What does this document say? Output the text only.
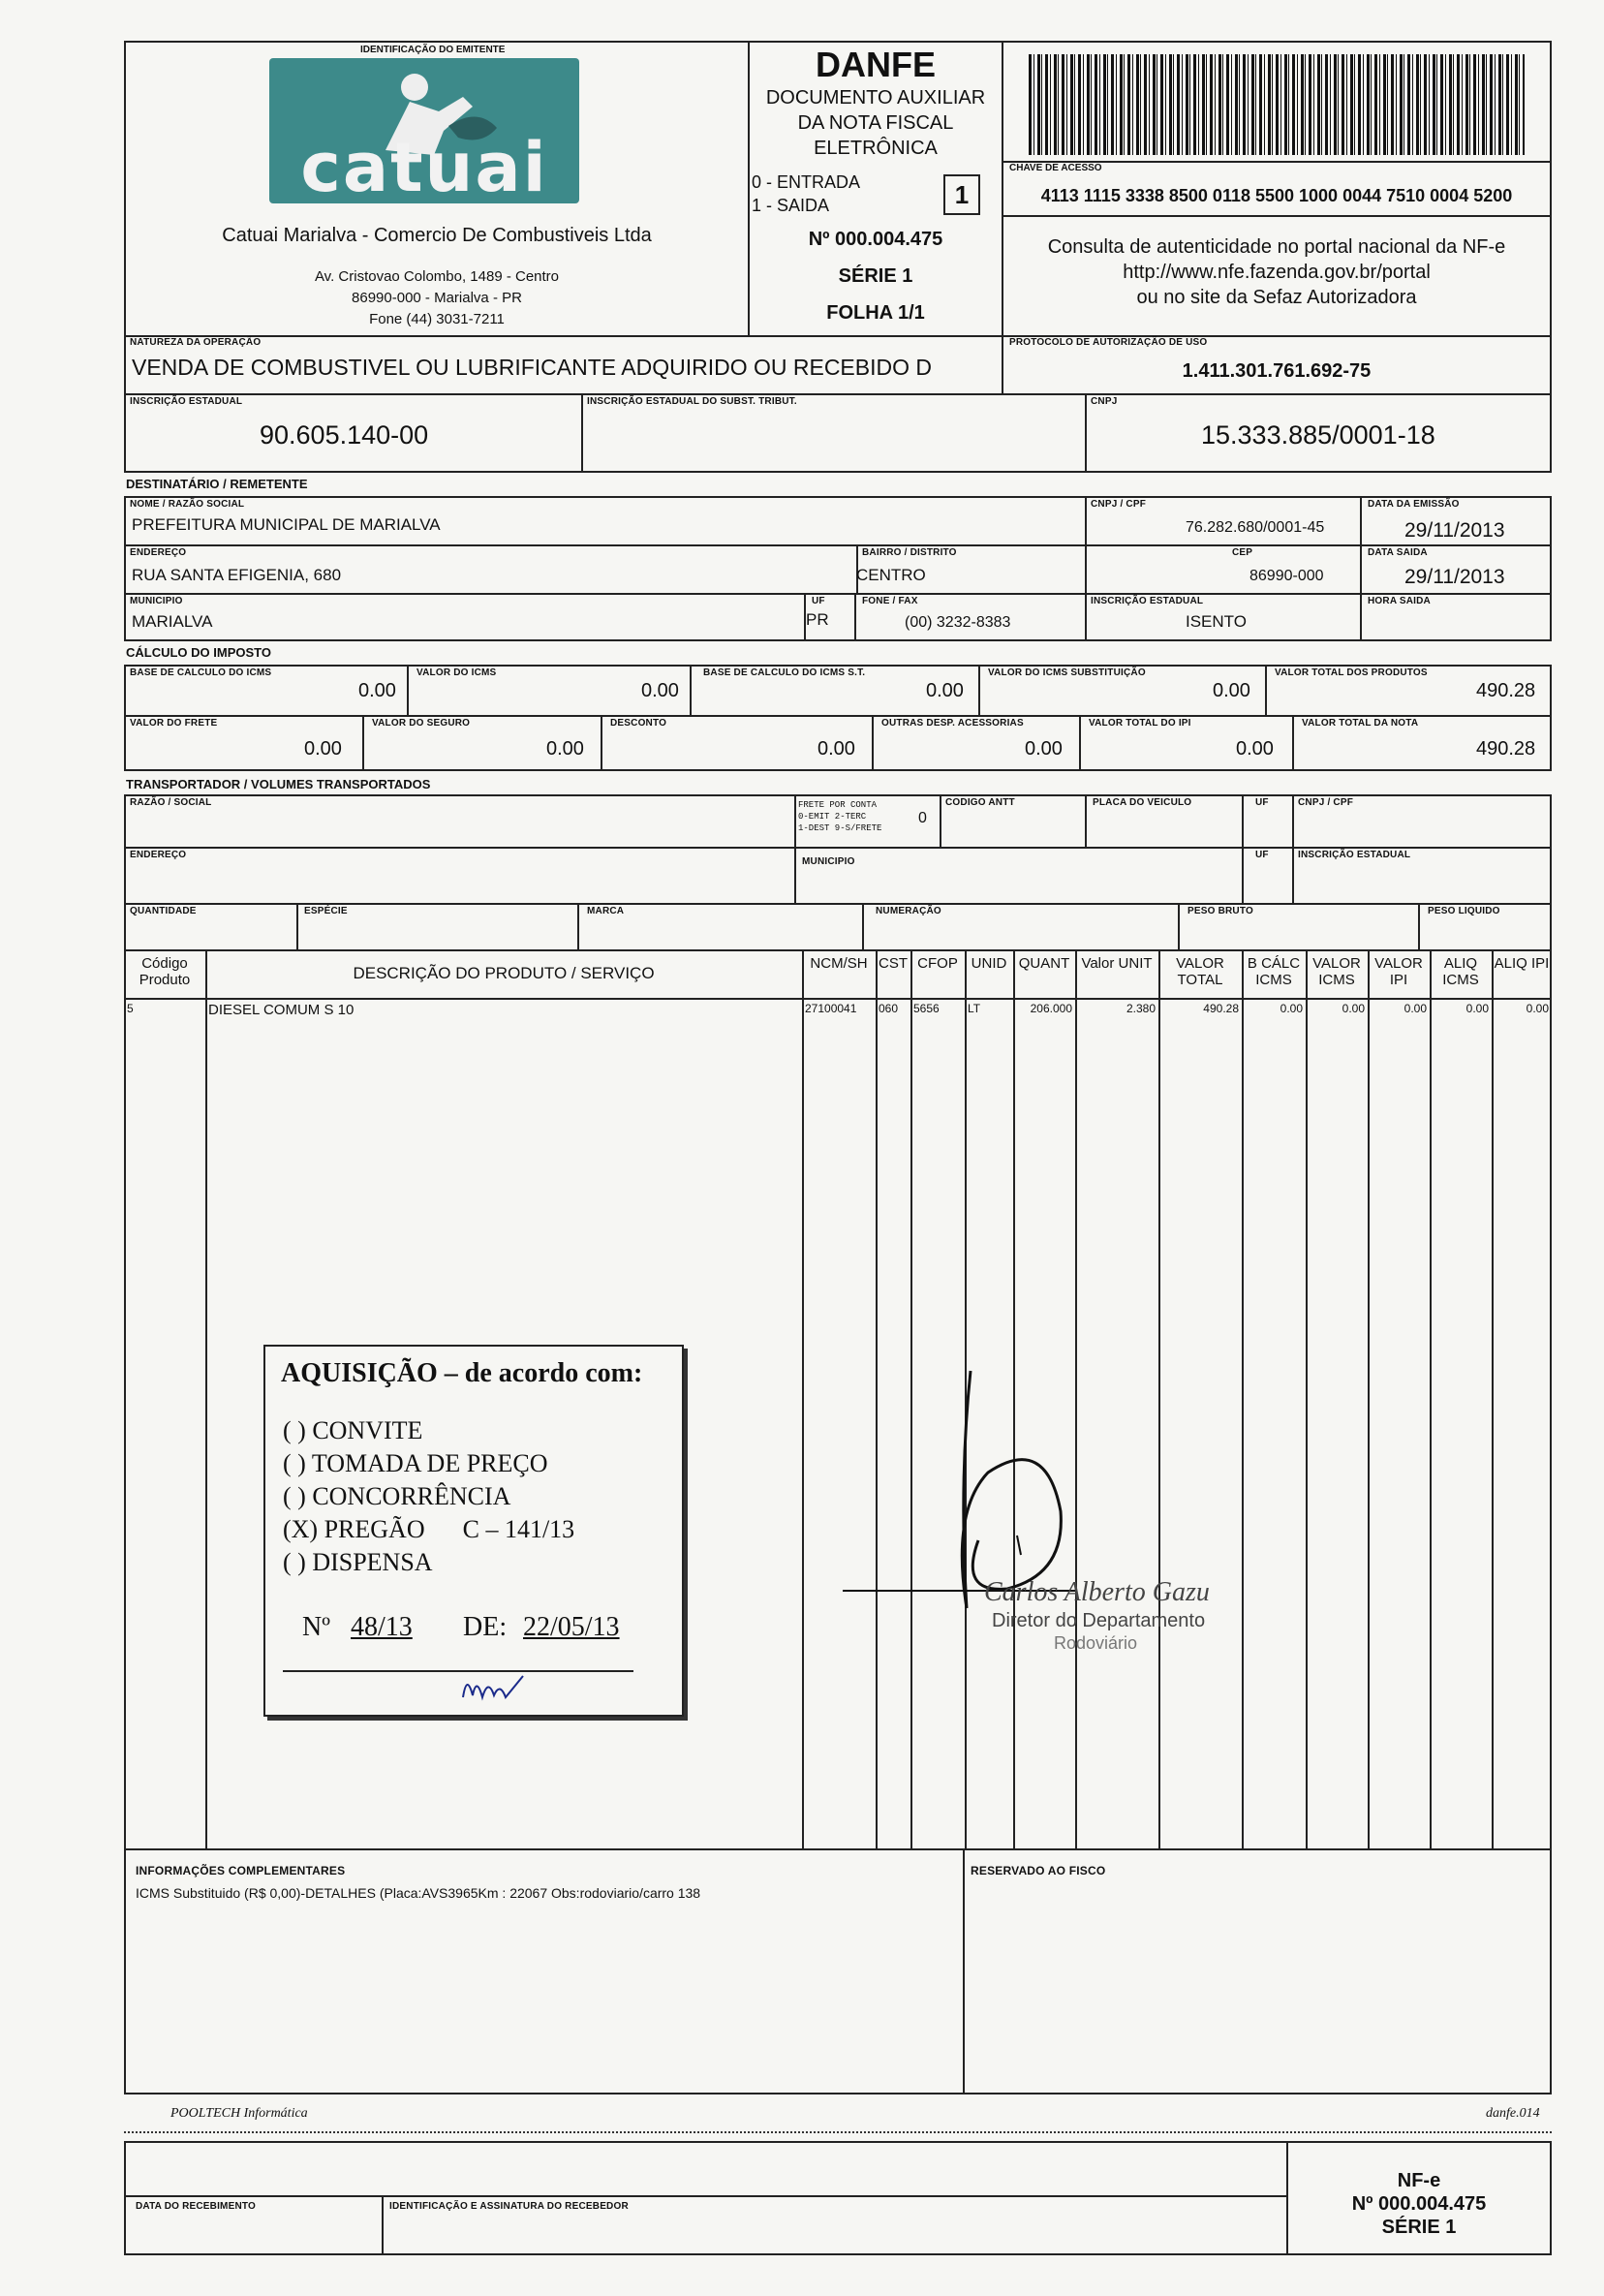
IDENTIFICAÇÃO DO EMITENTE
catuai
Catuai Marialva - Comercio De Combustiveis Ltda
Av. Cristovao Colombo, 1489 - Centro
86990-000 - Marialva - PR
Fone (44) 3031-7211
DANFE
DOCUMENTO AUXILIAR
DA NOTA FISCAL
ELETRÔNICA
0 - ENTRADA
1 - SAIDA	1
Nº 000.004.475
SÉRIE 1
FOLHA 1/1
CHAVE DE ACESSO
4113 1115 3338 8500 0118 5500 1000 0044 7510 0004 5200
Consulta de autenticidade no portal nacional da NF-e
http://www.nfe.fazenda.gov.br/portal
ou no site da Sefaz Autorizadora
NATUREZA DA OPERAÇÃO
VENDA DE COMBUSTIVEL OU LUBRIFICANTE ADQUIRIDO OU RECEBIDO D
PROTOCOLO DE AUTORIZAÇÃO DE USO
1.411.301.761.692-75
INSCRIÇÃO ESTADUAL
90.605.140-00
INSCRIÇÃO ESTADUAL DO SUBST. TRIBUT.	CNPJ
15.333.885/0001-18
DESTINATÁRIO / REMETENTE
NOME / RAZÃO SOCIAL
PREFEITURA MUNICIPAL DE MARIALVA
CNPJ / CPF
76.282.680/0001-45
DATA DA EMISSÃO
29/11/2013
ENDEREÇO
RUA SANTA EFIGENIA, 680
BAIRRO / DISTRITO
CENTRO
CEP
86990-000
DATA SAIDA
29/11/2013
MUNICIPIO
MARIALVA
UF
PR
FONE / FAX
(00) 3232-8383
INSCRIÇÃO ESTADUAL
ISENTO
HORA SAIDA
CÁLCULO DO IMPOSTO
BASE DE CALCULO DO ICMS
0.00
VALOR DO ICMS
0.00
BASE DE CALCULO DO ICMS S.T.
0.00
VALOR DO ICMS SUBSTITUIÇÃO
0.00
VALOR TOTAL DOS PRODUTOS
490.28
VALOR DO FRETE
0.00
VALOR DO SEGURO
0.00
DESCONTO
0.00
OUTRAS DESP. ACESSORIAS
0.00
VALOR TOTAL DO IPI
0.00
VALOR TOTAL DA NOTA
490.28
TRANSPORTADOR / VOLUMES TRANSPORTADOS
RAZÃO / SOCIAL	FRETE POR CONTA
0-EMIT 2-TERC
1-DEST 9-S/FRETE
0
CODIGO ANTT	PLACA DO VEICULO	UF	CNPJ / CPF
ENDEREÇO
MUNICIPIO
UF	INSCRIÇÃO ESTADUAL
QUANTIDADE	ESPÉCIE	MARCA	NUMERAÇÃO	PESO BRUTO	PESO LIQUIDO
Código Produto
5
DESCRIÇÃO DO PRODUTO / SERVIÇO
DIESEL COMUM S 10
NCM/SH
27100041
CST
060
CFOP
5656
UNID
LT
QUANT
206.000
Valor UNIT
2.380
VALOR TOTAL
490.28
B CÁLC ICMS
0.00
VALOR ICMS
0.00
VALOR IPI
0.00
ALIQ ICMS
0.00
ALIQ IPI
0.00
AQUISIÇÃO – de acordo com:
( ) CONVITE
( ) TOMADA DE PREÇO
( ) CONCORRÊNCIA
(X) PREGÃO      C – 141/13
( ) DISPENSA
Nº 48/13 DE: 22/05/13
Carlos Alberto Gazu
Diretor do Departamento
Rodoviário
INFORMAÇÕES COMPLEMENTARES
ICMS Substituido (R$ 0,00)-DETALHES (Placa:AVS3965Km : 22067 Obs:rodoviario/carro 138
RESERVADO AO FISCO
POOLTECH Informática	danfe.014
DATA DO RECEBIMENTO	IDENTIFICAÇÃO E ASSINATURA DO RECEBEDOR
NF-e
Nº 000.004.475
SÉRIE 1
